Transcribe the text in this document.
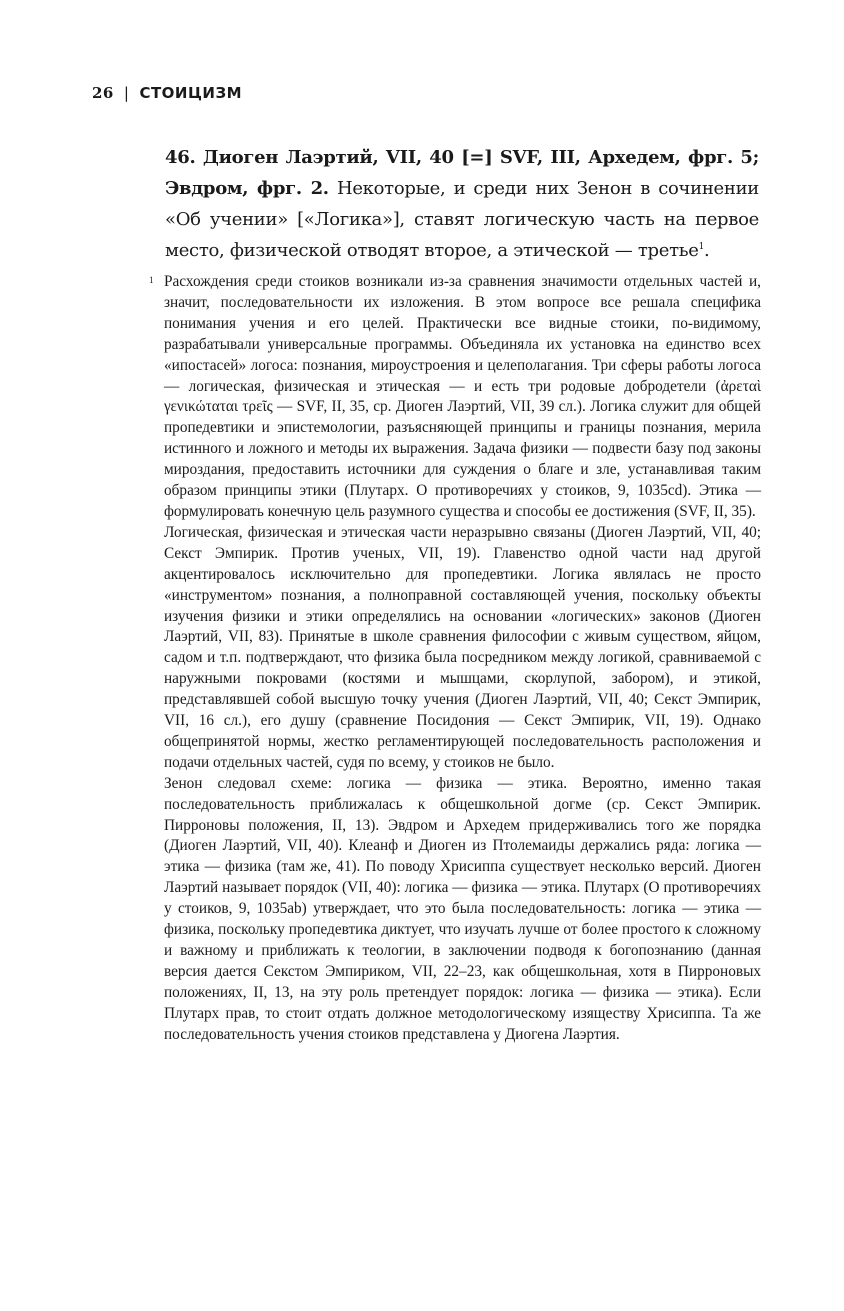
26 | СТОИЦИЗМ
46. Диоген Лаэртий, VII, 40 [=] SVF, III, Архедем, фрг. 5; Эвдром, фрг. 2. Некоторые, и среди них Зенон в сочинении «Об учении» [«Логика»], ставят логическую часть на первое место, физической отводят второе, а этической — третье$^1$.
1 Расхождения среди стоиков возникали из-за сравнения значимости отдельных частей и, значит, последовательности их изложения. В этом вопросе все решала специфика понимания учения и его целей. Практически все видные стоики, по-видимому, разрабатывали универсальные программы. Объединяла их установка на единство всех «ипостасей» логоса: познания, мироустроения и целеполагания. Три сферы работы логоса — логическая, физическая и этическая — и есть три родовые добродетели (ἀρεταὶ γενικώταται τρεῖς — SVF, II, 35, ср. Диоген Лаэртий, VII, 39 сл.). Логика служит для общей пропедевтики и эпистемологии, разъясняющей принципы и границы познания, мерила истинного и ложного и методы их выражения. Задача физики — подвести базу под законы мироздания, предоставить источники для суждения о благе и зле, устанавливая таким образом принципы этики (Плутарх. О противоречиях у стоиков, 9, 1035cd). Этика — формулировать конечную цель разумного существа и способы ее достижения (SVF, II, 35).

Логическая, физическая и этическая части неразрывно связаны (Диоген Лаэртий, VII, 40; Секст Эмпирик. Против ученых, VII, 19). Главенство одной части над другой акцентировалось исключительно для пропедевтики. Логика являлась не просто «инструментом» познания, а полноправной составляющей учения, поскольку объекты изучения физики и этики определялись на основании «логических» законов (Диоген Лаэртий, VII, 83). Принятые в школе сравнения философии с живым существом, яйцом, садом и т.п. подтверждают, что физика была посредником между логикой, сравниваемой с наружными покровами (костями и мышцами, скорлупой, забором), и этикой, представлявшей собой высшую точку учения (Диоген Лаэртий, VII, 40; Секст Эмпирик, VII, 16 сл.), его душу (сравнение Посидония — Секст Эмпирик, VII, 19). Однако общепринятой нормы, жестко регламентирующей последовательность расположения и подачи отдельных частей, судя по всему, у стоиков не было.

Зенон следовал схеме: логика — физика — этика. Вероятно, именно такая последовательность приближалась к общешкольной догме (ср. Секст Эмпирик. Пирроновы положения, II, 13). Эвдром и Архедем придерживались того же порядка (Диоген Лаэртий, VII, 40). Клеанф и Диоген из Птолемаиды держались ряда: логика — этика — физика (там же, 41). По поводу Хрисиппа существует несколько версий. Диоген Лаэртий называет порядок (VII, 40): логика — физика — этика. Плутарх (О противоречиях у стоиков, 9, 1035ab) утверждает, что это была последовательность: логика — этика — физика, поскольку пропедевтика диктует, что изучать лучше от более простого к сложному и важному и приближать к теологии, в заключении подводя к богопознанию (данная версия дается Секстом Эмпириком, VII, 22–23, как общешкольная, хотя в Пирроновых положениях, II, 13, на эту роль претендует порядок: логика — физика — этика). Если Плутарх прав, то стоит отдать должное методологическому изяществу Хрисиппа. Та же последовательность учения стоиков представлена у Диогена Лаэртия.
